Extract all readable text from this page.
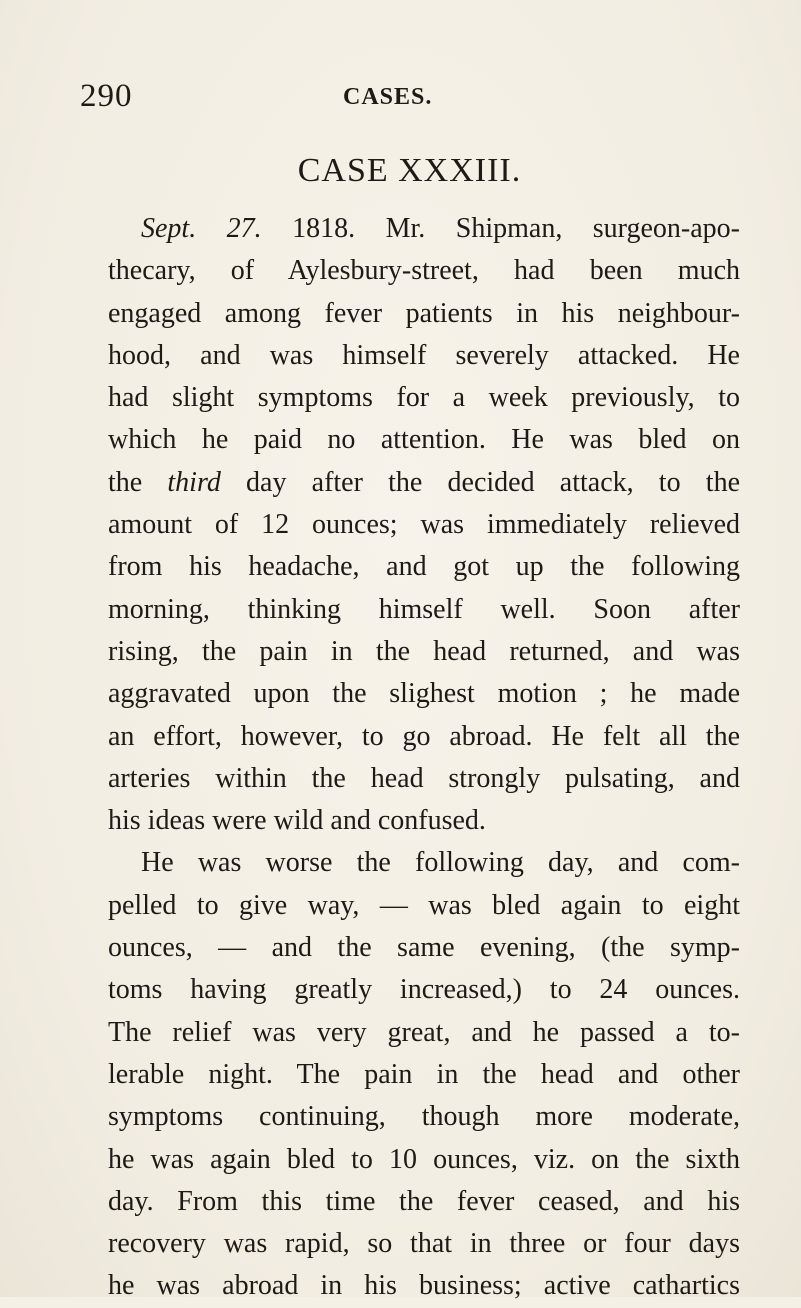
290	CASES.
CASE XXXIII.
Sept. 27. 1818. Mr. Shipman, surgeon-apo-
thecary, of Aylesbury-street, had been much
engaged among fever patients in his neighbour-
hood, and was himself severely attacked. He
had slight symptoms for a week previously, to
which he paid no attention. He was bled on
the third day after the decided attack, to the
amount of 12 ounces; was immediately relieved
from his headache, and got up the following
morning, thinking himself well. Soon after
rising, the pain in the head returned, and was
aggravated upon the slighest motion ; he made
an effort, however, to go abroad. He felt all the
arteries within the head strongly pulsating, and
his ideas were wild and confused.
He was worse the following day, and com-
pelled to give way, — was bled again to eight
ounces, — and the same evening, (the symp-
toms having greatly increased,) to 24 ounces.
The relief was very great, and he passed a to-
lerable night. The pain in the head and other
symptoms continuing, though more moderate,
he was again bled to 10 ounces, viz. on the sixth
day. From this time the fever ceased, and his
recovery was rapid, so that in three or four days
he was abroad in his business; active cathartics
